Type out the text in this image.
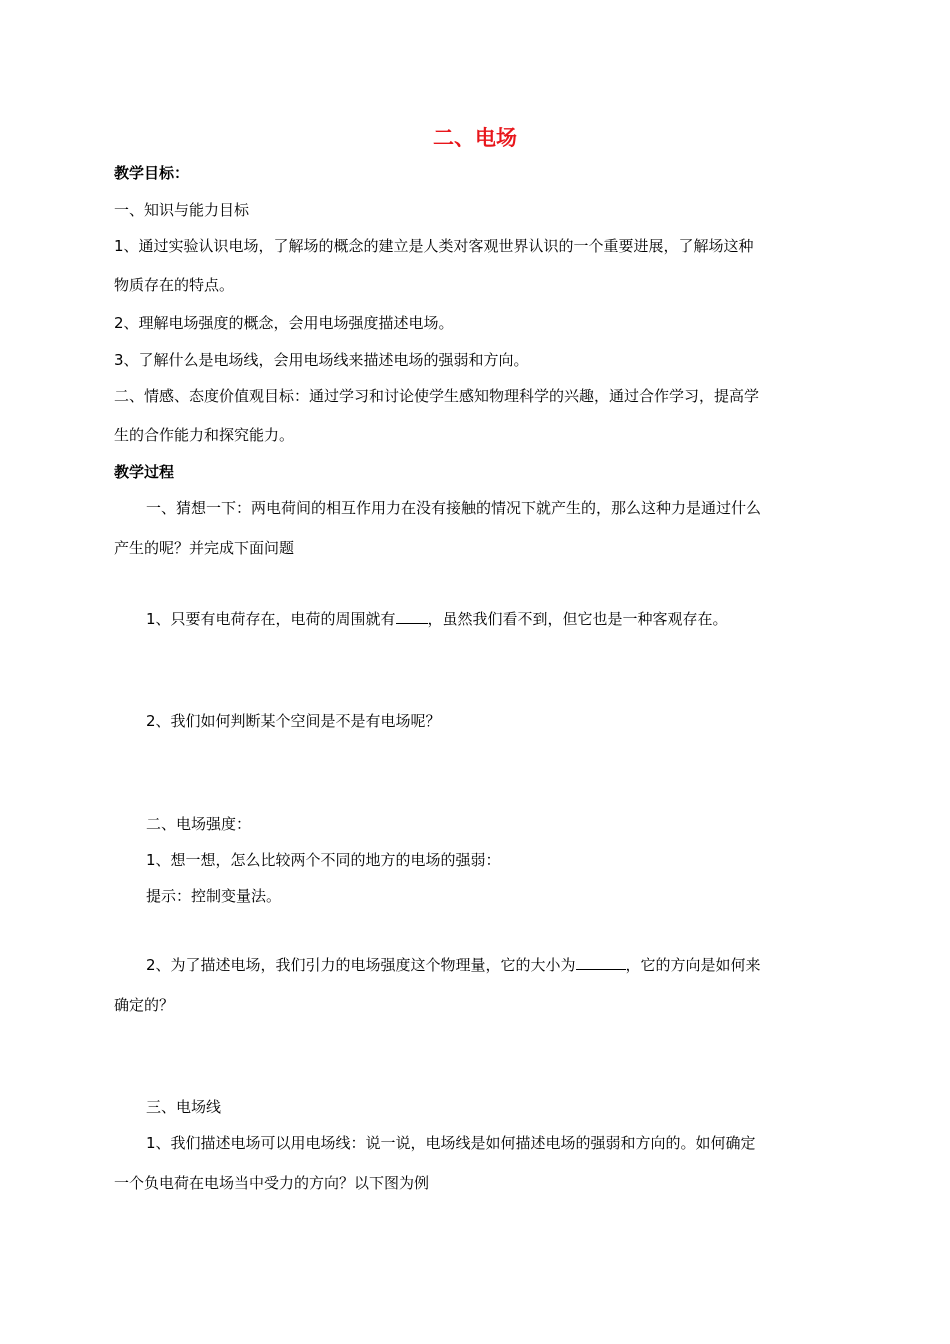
二、电场
教学目标：
一、知识与能力目标
1、通过实验认识电场，了解场的概念的建立是人类对客观世界认识的一个重要进展，了解场这种
物质存在的特点。
2、理解电场强度的概念，会用电场强度描述电场。
3、了解什么是电场线，会用电场线来描述电场的强弱和方向。
二、情感、态度价值观目标：通过学习和讨论使学生感知物理科学的兴趣，通过合作学习，提高学
生的合作能力和探究能力。
教学过程
一、猜想一下：两电荷间的相互作用力在没有接触的情况下就产生的，那么这种力是通过什么
产生的呢？并完成下面问题
1、只要有电荷存在，电荷的周围就有 ，虽然我们看不到，但它也是一种客观存在。
2、我们如何判断某个空间是不是有电场呢？
二、电场强度：
1、想一想，怎么比较两个不同的地方的电场的强弱：
提示：控制变量法。
2、为了描述电场，我们引力的电场强度这个物理量，它的大小为	，它的方向是如何来
确定的？
三、电场线
1、我们描述电场可以用电场线：说一说，电场线是如何描述电场的强弱和方向的。如何确定
一个负电荷在电场当中受力的方向？以下图为例
